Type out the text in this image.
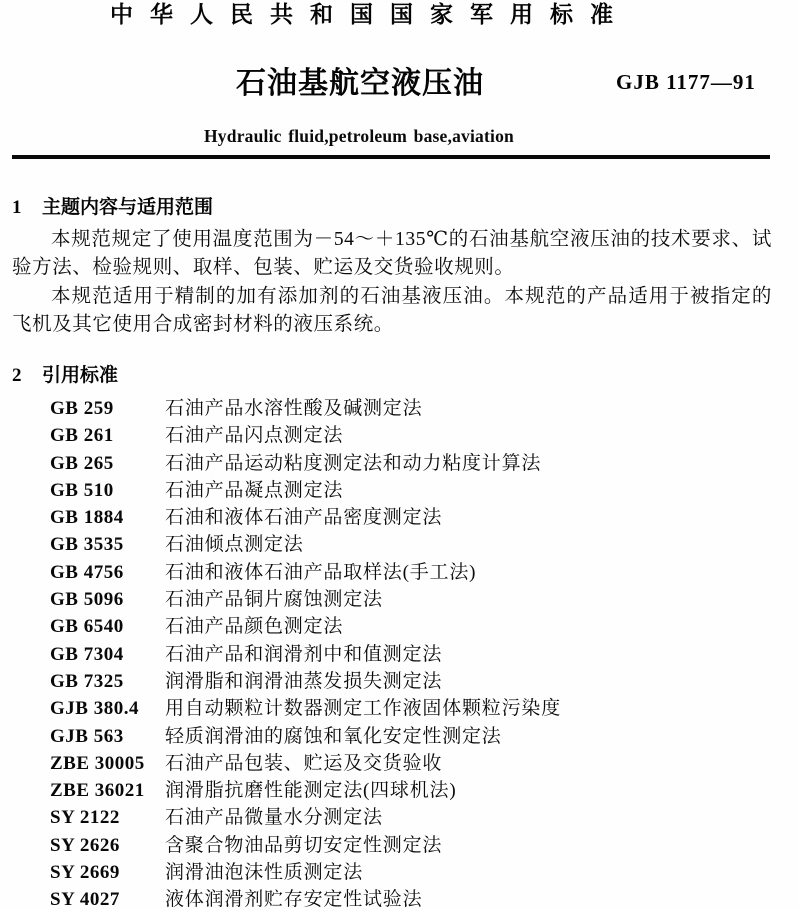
中华人民共和国国家军用标准
石油基航空液压油	GJB 1177—91
Hydraulic fluid,petroleum base,aviation
1 主题内容与适用范围

本规范规定了使用温度范围为－54～＋135℃的石油基航空液压油的技术要求、试验方法、检验规则、取样、包装、贮运及交货验收规则。

本规范适用于精制的加有添加剂的石油基液压油。本规范的产品适用于被指定的飞机及其它使用合成密封材料的液压系统。

2 引用标准
GB 259	石油产品水溶性酸及碱测定法
GB 261	石油产品闪点测定法
GB 265	石油产品运动粘度测定法和动力粘度计算法
GB 510	石油产品凝点测定法
GB 1884	石油和液体石油产品密度测定法
GB 3535	石油倾点测定法
GB 4756	石油和液体石油产品取样法(手工法)
GB 5096	石油产品铜片腐蚀测定法
GB 6540	石油产品颜色测定法
GB 7304	石油产品和润滑剂中和值测定法
GB 7325	润滑脂和润滑油蒸发损失测定法
GJB 380.4	用自动颗粒计数器测定工作液固体颗粒污染度
GJB 563	轻质润滑油的腐蚀和氧化安定性测定法
ZBE 30005	石油产品包装、贮运及交货验收
ZBE 36021	润滑脂抗磨性能测定法(四球机法)
SY 2122	石油产品微量水分测定法
SY 2626	含聚合物油品剪切安定性测定法
SY 2669	润滑油泡沫性质测定法
SY 4027	液体润滑剂贮存安定性试验法
